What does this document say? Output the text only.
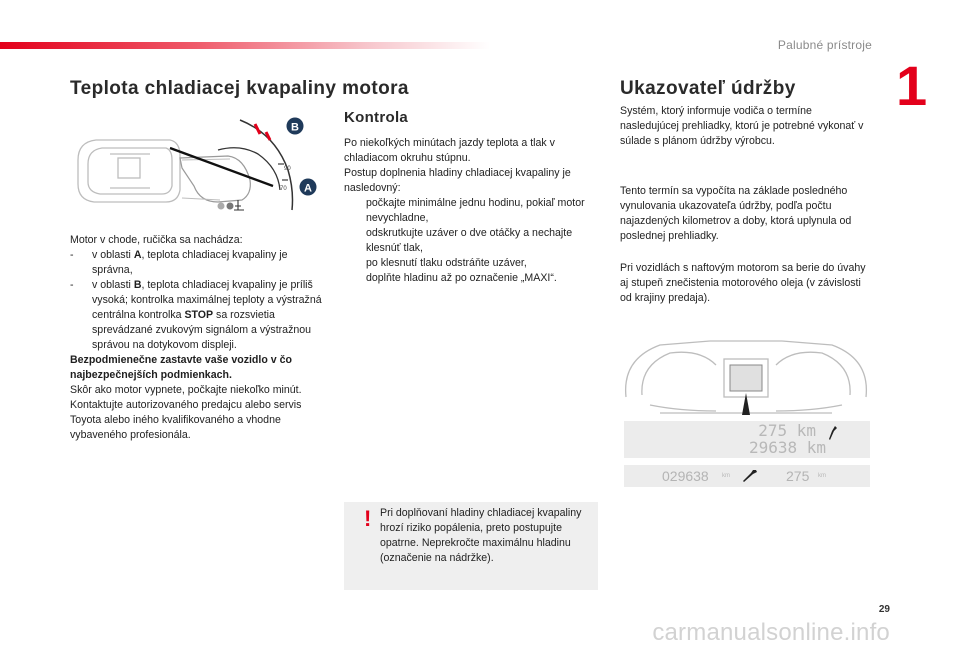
Palubné prístroje
1
Teplota chladiacej kvapaliny motora
90
70
B
A
Motor v chode, ručička sa nachádza:
- v oblasti A, teplota chladiacej kvapaliny je správna,
- v oblasti B, teplota chladiacej kvapaliny je príliš vysoká; kontrolka maximálnej teploty a výstražná centrálna kontrolka STOP sa rozsvietia sprevádzané zvukovým signálom a výstražnou správou na dotykovom displeji.
Bezpodmienečne zastavte vaše vozidlo v čo najbezpečnejších podmienkach.
Skôr ako motor vypnete, počkajte niekoľko minút.
Kontaktujte autorizovaného predajcu alebo servis Toyota alebo iného kvalifikovaného a vhodne vybaveného profesionála.
Kontrola
Po niekoľkých minútach jazdy teplota a tlak v chladiacom okruhu stúpnu.
Postup doplnenia hladiny chladiacej kvapaliny je nasledovný:
počkajte minimálne jednu hodinu, pokiaľ motor nevychladne,
odskrutkujte uzáver o dve otáčky a nechajte klesnúť tlak,
po klesnutí tlaku odstráňte uzáver,
doplňte hladinu až po označenie „MAXI“.
! Pri doplňovaní hladiny chladiacej kvapaliny hrozí riziko popálenia, preto postupujte opatrne. Neprekročte maximálnu hladinu (označenie na nádržke).
Ukazovateľ údržby
Systém, ktorý informuje vodiča o termíne nasledujúcej prehliadky, ktorú je potrebné vykonať v súlade s plánom údržby výrobcu.
Tento termín sa vypočíta na základe posledného vynulovania ukazovateľa údržby, podľa počtu najazdených kilometrov a doby, ktorá uplynula od poslednej prehliadky.
Pri vozidlách s naftovým motorom sa berie do úvahy aj stupeň znečistenia motorového oleja (v závislosti od krajiny predaja).
275 km
29638 km
029638 km	275 km
29
carmanualsonline.info
